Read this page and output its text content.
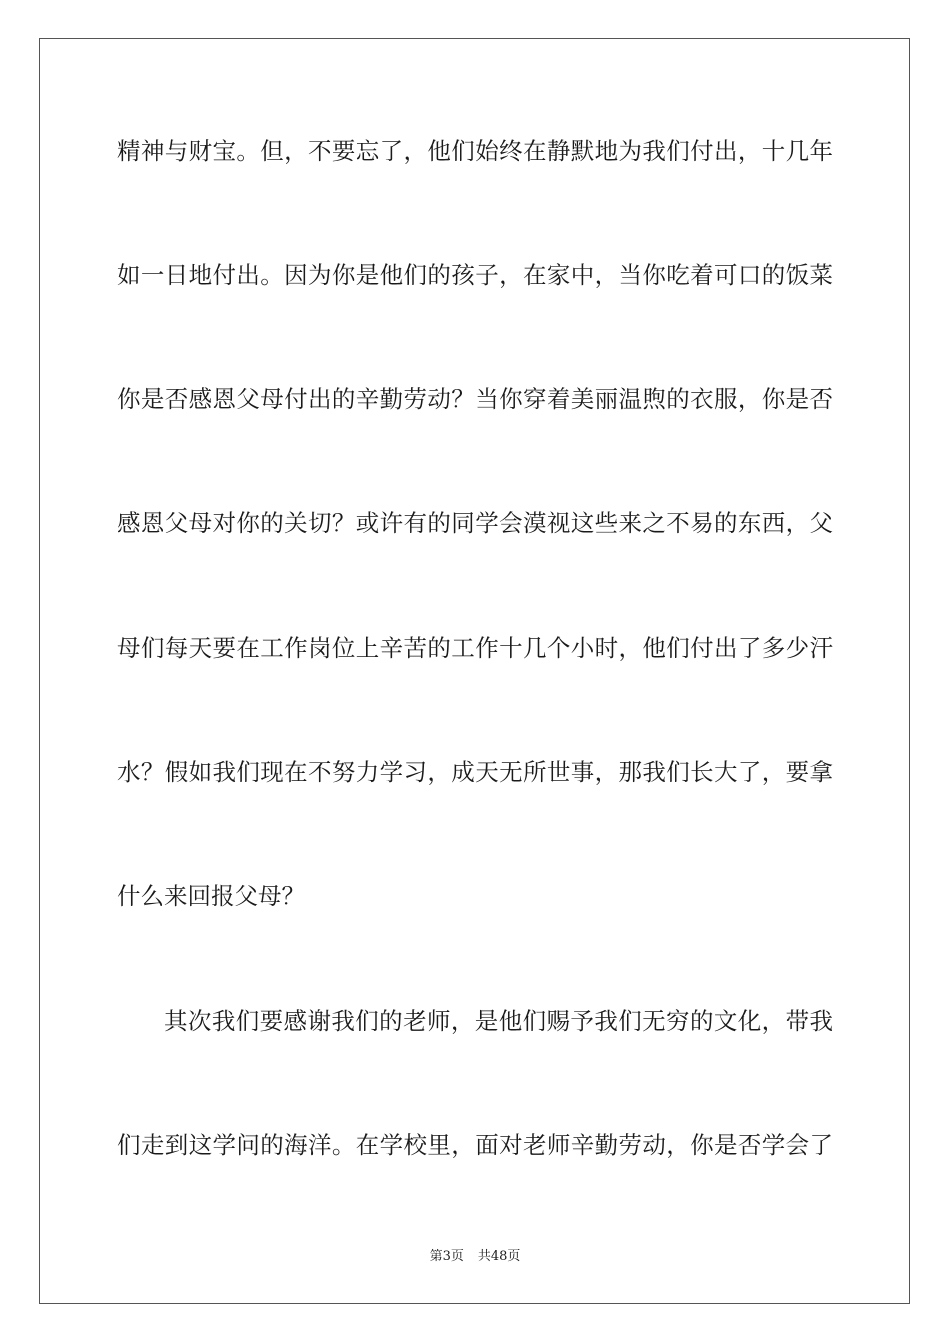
精神与财宝。但，不要忘了，他们始终在静默地为我们付出，十几年
如一日地付出。因为你是他们的孩子，在家中，当你吃着可口的饭菜
你是否感恩父母付出的辛勤劳动？当你穿着美丽温煦的衣服，你是否
感恩父母对你的关切？或许有的同学会漠视这些来之不易的东西，父
母们每天要在工作岗位上辛苦的工作十几个小时，他们付出了多少汗
水？假如我们现在不努力学习，成天无所世事，那我们长大了，要拿
什么来回报父母？
其次我们要感谢我们的老师，是他们赐予我们无穷的文化，带我
们走到这学问的海洋。在学校里，面对老师辛勤劳动，你是否学会了
第3页 共48页
